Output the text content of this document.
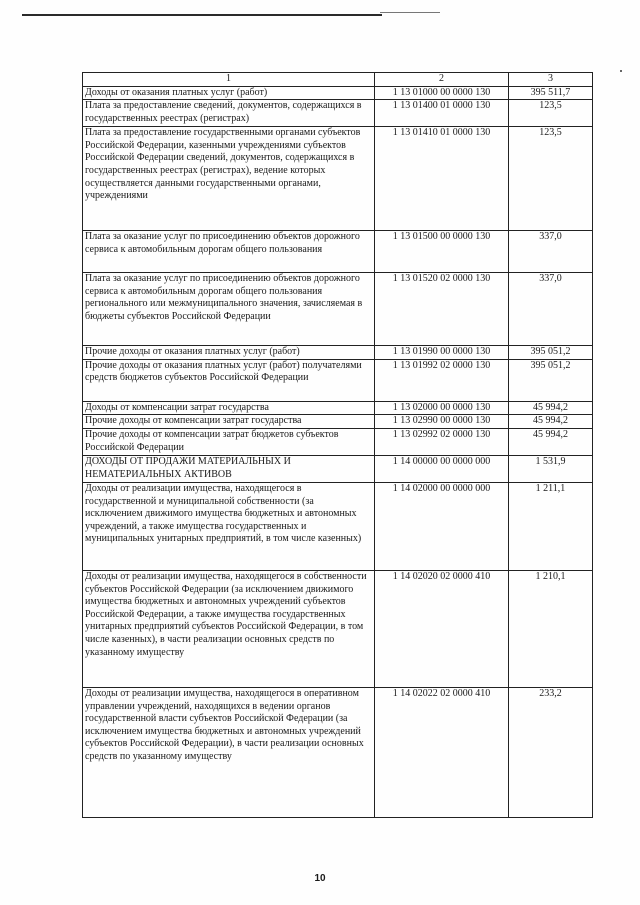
1	2	3
Доходы от оказания платных услуг (работ)	1 13 01000 00 0000 130	395 511,7
Плата за предоставление сведений, документов, содержащихся в государственных реестрах (регистрах)	1 13 01400 01 0000 130	123,5
Плата за предоставление государственными органами субъектов Российской Федерации, казенными учреждениями субъектов Российской Федерации сведений, документов, содержащихся в государственных реестрах (регистрах), ведение которых осуществляется данными государственными органами, учреждениями	1 13 01410 01 0000 130	123,5
Плата за оказание услуг по присоединению объектов дорожного сервиса к автомобильным дорогам общего пользования	1 13 01500 00 0000 130	337,0
Плата за оказание услуг по присоединению объектов дорожного сервиса к автомобильным дорогам общего пользования регионального или межмуниципального значения, зачисляемая в бюджеты субъектов Российской Федерации	1 13 01520 02 0000 130	337,0
Прочие доходы от оказания платных услуг (работ)	1 13 01990 00 0000 130	395 051,2
Прочие доходы от оказания платных услуг (работ) получателями средств бюджетов субъектов Российской Федерации	1 13 01992 02 0000 130	395 051,2
Доходы от компенсации затрат государства	1 13 02000 00 0000 130	45 994,2
Прочие доходы от компенсации затрат государства	1 13 02990 00 0000 130	45 994,2
Прочие доходы от компенсации затрат бюджетов субъектов Российской Федерации	1 13 02992 02 0000 130	45 994,2
ДОХОДЫ ОТ ПРОДАЖИ МАТЕРИАЛЬНЫХ И НЕМАТЕРИАЛЬНЫХ АКТИВОВ	1 14 00000 00 0000 000	1 531,9
Доходы от реализации имущества, находящегося в государственной и муниципальной собственности (за исключением движимого имущества бюджетных и автономных учреждений, а также имущества государственных и муниципальных унитарных предприятий, в том числе казенных)	1 14 02000 00 0000 000	1 211,1
Доходы от реализации имущества, находящегося в собственности субъектов Российской Федерации (за исключением движимого имущества бюджетных и автономных учреждений субъектов Российской Федерации, а также имущества государственных унитарных предприятий субъектов Российской Федерации, в том числе казенных), в части реализации основных средств по указанному имуществу	1 14 02020 02 0000 410	1 210,1
Доходы от реализации имущества, находящегося в оперативном управлении учреждений, находящихся в ведении органов государственной власти субъектов Российской Федерации (за исключением имущества бюджетных и автономных учреждений субъектов Российской Федерации), в части реализации основных средств по указанному имуществу	1 14 02022 02 0000 410	233,2
10
